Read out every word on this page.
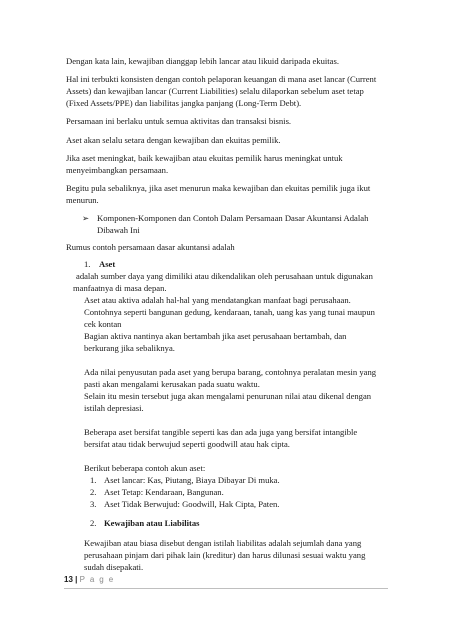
Dengan kata lain, kewajiban dianggap lebih lancar atau likuid daripada ekuitas.
Hal ini terbukti konsisten dengan contoh pelaporan keuangan di mana aset lancar (Current
Assets) dan kewajiban lancar (Current Liabilities) selalu dilaporkan sebelum aset tetap
(Fixed Assets/PPE) dan liabilitas jangka panjang (Long-Term Debt).
Persamaan ini berlaku untuk semua aktivitas dan transaksi bisnis.
Aset akan selalu setara dengan kewajiban dan ekuitas pemilik.
Jika aset meningkat, baik kewajiban atau ekuitas pemilik harus meningkat untuk
menyeimbangkan persamaan.
Begitu pula sebaliknya, jika aset menurun maka kewajiban dan ekuitas pemilik juga ikut
menurun.
➢ Komponen-Komponen dan Contoh Dalam Persamaan Dasar Akuntansi Adalah
Dibawah Ini
Rumus contoh persamaan dasar akuntansi adalah
1. Aset
adalah sumber daya yang dimiliki atau dikendalikan oleh perusahaan untuk digunakan
manfaatnya di masa depan.
Aset atau aktiva adalah hal-hal yang mendatangkan manfaat bagi perusahaan.
Contohnya seperti bangunan gedung, kendaraan, tanah, uang kas yang tunai maupun
cek kontan
Bagian aktiva nantinya akan bertambah jika aset perusahaan bertambah, dan
berkurang jika sebaliknya.
Ada nilai penyusutan pada aset yang berupa barang, contohnya peralatan mesin yang
pasti akan mengalami kerusakan pada suatu waktu.
Selain itu mesin tersebut juga akan mengalami penurunan nilai atau dikenal dengan
istilah depresiasi.
Beberapa aset bersifat tangible seperti kas dan ada juga yang bersifat intangible
bersifat atau tidak berwujud seperti goodwill atau hak cipta.
Berikut beberapa contoh akun aset:
1. Aset lancar: Kas, Piutang, Biaya Dibayar Di muka.
2. Aset Tetap: Kendaraan, Bangunan.
3. Aset Tidak Berwujud: Goodwill, Hak Cipta, Paten.
2. Kewajiban atau Liabilitas
Kewajiban atau biasa disebut dengan istilah liabilitas adalah sejumlah dana yang
perusahaan pinjam dari pihak lain (kreditur) dan harus dilunasi sesuai waktu yang
sudah disepakati.
13 | P a g e
